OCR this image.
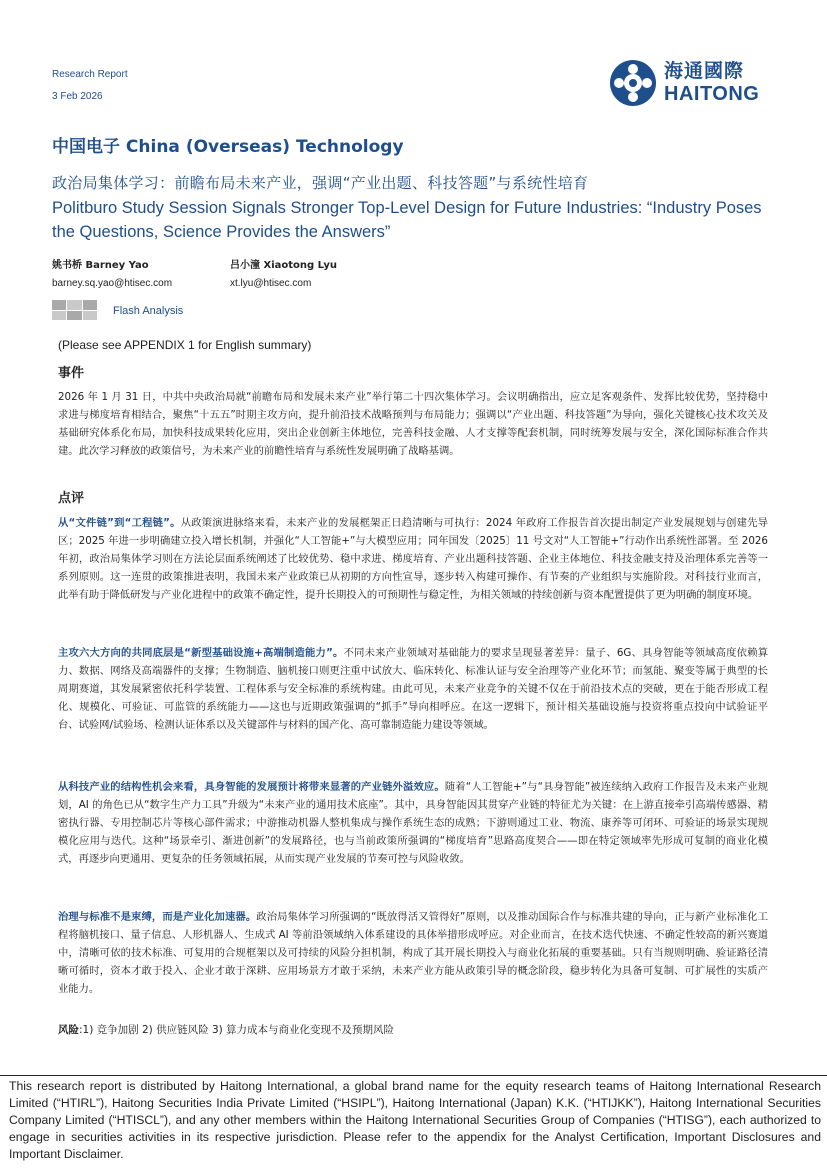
Research Report
3 Feb 2026
海通國際
HAITONG
中国电子 China (Overseas) Technology
政治局集体学习：前瞻布局未来产业，强调“产业出题、科技答题”与系统性培育
Politburo Study Session Signals Stronger Top-Level Design for Future Industries: “Industry Poses the Questions, Science Provides the Answers”
姚书桥 Barney Yao
barney.sq.yao@htisec.com
吕小潼 Xiaotong Lyu
xt.lyu@htisec.com
Flash Analysis
(Please see APPENDIX 1 for English summary)
事件
2026 年 1 月 31 日，中共中央政治局就“前瞻布局和发展未来产业”举行第二十四次集体学习。会议明确指出，应立足客观条件、发挥比较优势，坚持稳中求进与梯度培育相结合，聚焦“十五五”时期主攻方向，提升前沿技术战略预判与布局能力；强调以“产业出题、科技答题”为导向，强化关键核心技术攻关及基础研究体系化布局，加快科技成果转化应用，突出企业创新主体地位，完善科技金融、人才支撑等配套机制，同时统筹发展与安全，深化国际标准合作共建。此次学习释放的政策信号，为未来产业的前瞻性培育与系统性发展明确了战略基调。
点评
从“文件链”到“工程链”。从政策演进脉络来看，未来产业的发展框架正日趋清晰与可执行：2024 年政府工作报告首次提出制定产业发展规划与创建先导区；2025 年进一步明确建立投入增长机制，并强化“人工智能+”与大模型应用；同年国发〔2025〕11 号文对“人工智能+”行动作出系统性部署。至 2026 年初，政治局集体学习则在方法论层面系统阐述了比较优势、稳中求进、梯度培育、产业出题科技答题、企业主体地位、科技金融支持及治理体系完善等一系列原则。这一连贯的政策推进表明，我国未来产业政策已从初期的方向性宣导，逐步转入构建可操作、有节奏的产业组织与实施阶段。对科技行业而言，此举有助于降低研发与产业化进程中的政策不确定性，提升长期投入的可预期性与稳定性，为相关领域的持续创新与资本配置提供了更为明确的制度环境。
主攻六大方向的共同底层是“新型基础设施+高端制造能力”。不同未来产业领域对基础能力的要求呈现显著差异：量子、6G、具身智能等领域高度依赖算力、数据、网络及高端器件的支撑；生物制造、脑机接口则更注重中试放大、临床转化、标准认证与安全治理等产业化环节；而氢能、聚变等属于典型的长周期赛道，其发展紧密依托科学装置、工程体系与安全标准的系统构建。由此可见，未来产业竞争的关键不仅在于前沿技术点的突破，更在于能否形成工程化、规模化、可验证、可监管的系统能力——这也与近期政策强调的“抓手”导向相呼应。在这一逻辑下，预计相关基础设施与投资将重点投向中试验证平台、试验网/试验场、检测认证体系以及关键部件与材料的国产化、高可靠制造能力建设等领域。
从科技产业的结构性机会来看，具身智能的发展预计将带来显著的产业链外溢效应。随着“人工智能+”与“具身智能”被连续纳入政府工作报告及未来产业规划，AI 的角色已从“数字生产力工具”升级为“未来产业的通用技术底座”。其中，具身智能因其贯穿产业链的特征尤为关键：在上游直接牵引高端传感器、精密执行器、专用控制芯片等核心部件需求；中游推动机器人整机集成与操作系统生态的成熟；下游则通过工业、物流、康养等可闭环、可验证的场景实现规模化应用与迭代。这种“场景牵引、渐进创新”的发展路径，也与当前政策所强调的“梯度培育”思路高度契合——即在特定领域率先形成可复制的商业化模式，再逐步向更通用、更复杂的任务领域拓展，从而实现产业发展的节奏可控与风险收敛。
治理与标准不是束缚，而是产业化加速器。政治局集体学习所强调的“既放得活又管得好”原则，以及推动国际合作与标准共建的导向，正与新产业标准化工程将脑机接口、量子信息、人形机器人、生成式 AI 等前沿领域纳入体系建设的具体举措形成呼应。对企业而言，在技术迭代快速、不确定性较高的新兴赛道中，清晰可依的技术标准、可复用的合规框架以及可持续的风险分担机制，构成了其开展长期投入与商业化拓展的重要基础。只有当规则明确、验证路径清晰可循时，资本才敢于投入、企业才敢于深耕、应用场景方才敢于采纳，未来产业方能从政策引导的概念阶段，稳步转化为具备可复制、可扩展性的实质产业能力。
风险:1) 竞争加剧 2) 供应链风险 3) 算力成本与商业化变现不及预期风险
This research report is distributed by Haitong International, a global brand name for the equity research teams of Haitong International Research Limited (“HTIRL”), Haitong Securities India Private Limited (“HSIPL”), Haitong International (Japan) K.K. (“HTIJKK”), Haitong International Securities Company Limited (“HTISCL”), and any other members within the Haitong International Securities Group of Companies (“HTISG”), each authorized to engage in securities activities in its respective jurisdiction. Please refer to the appendix for the Analyst Certification, Important Disclosures and Important Disclaimer.
